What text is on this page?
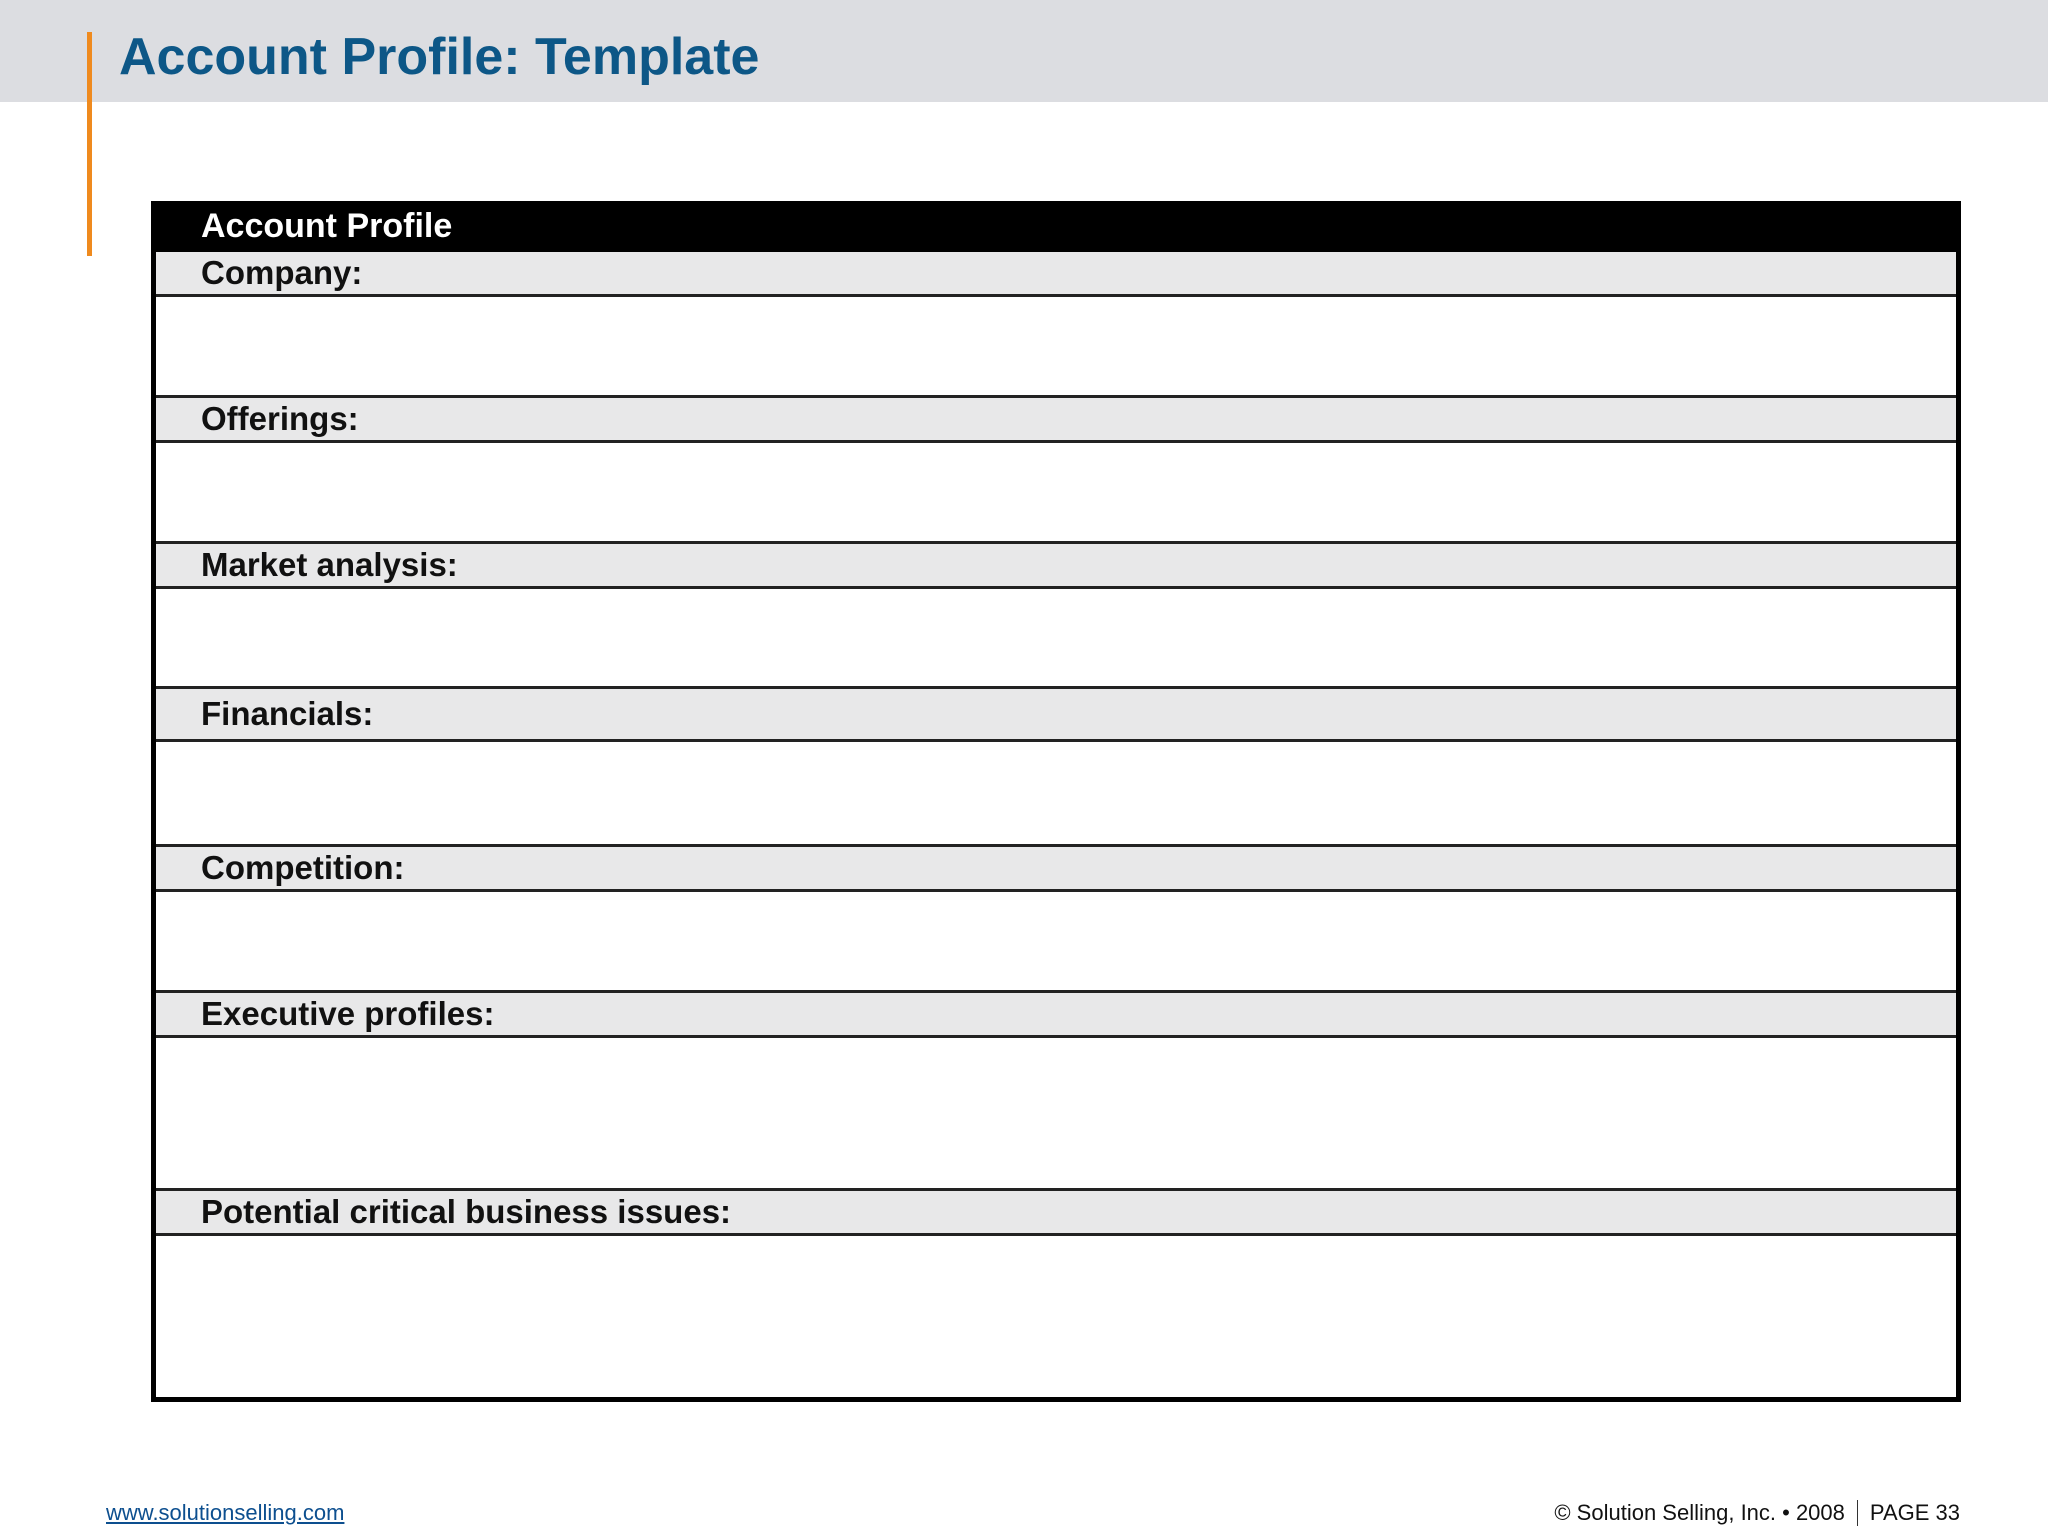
Account Profile: Template
Account Profile
Company:
Offerings:
Market analysis:
Financials:
Competition:
Executive profiles:
Potential critical business issues:
www.solutionselling.com	© Solution Selling, Inc. • 2008 PAGE 33
